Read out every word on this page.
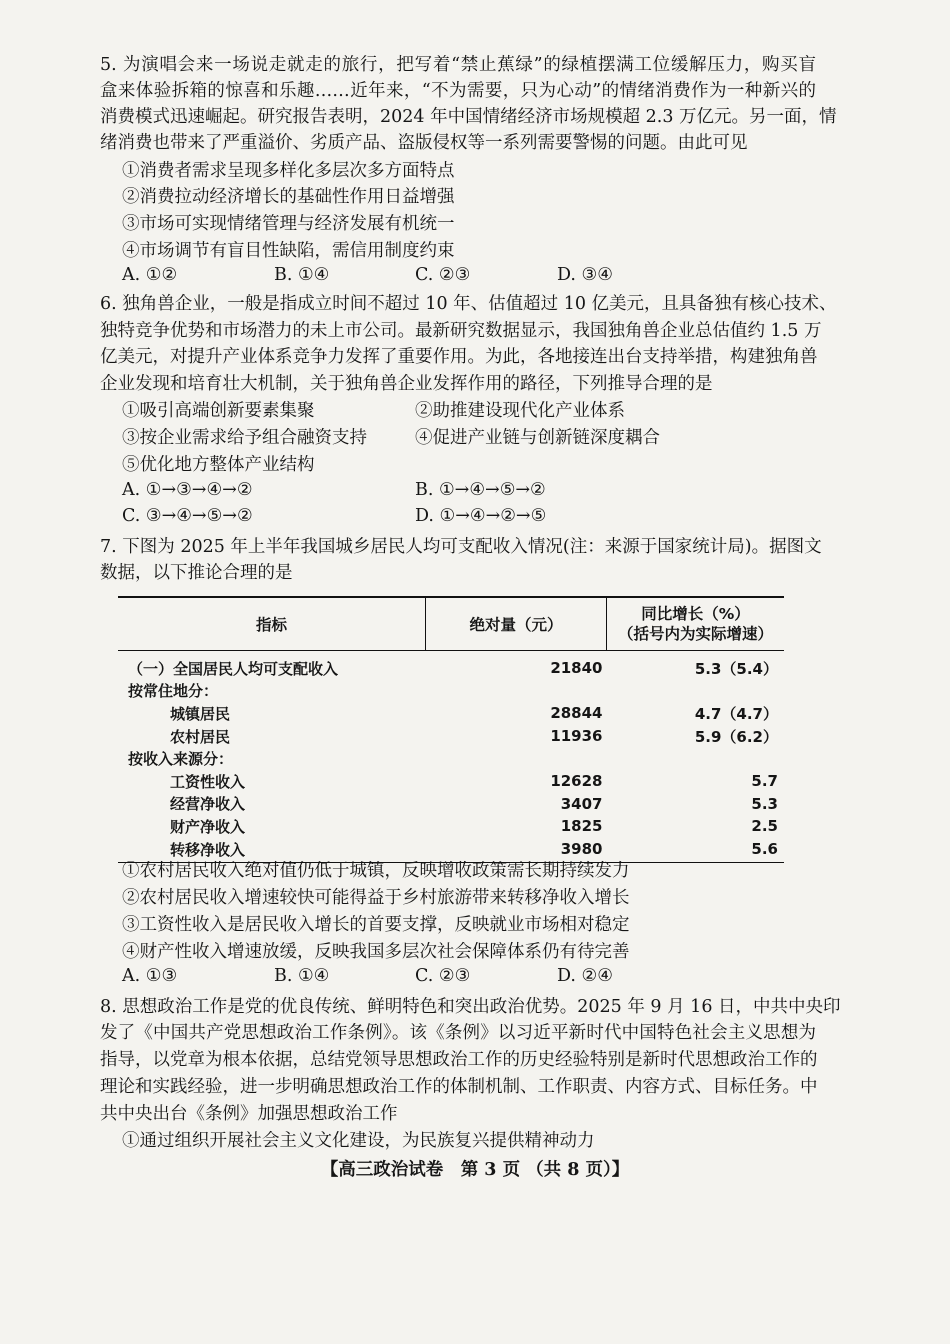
5. 为演唱会来一场说走就走的旅行，把写着“禁止蕉绿”的绿植摆满工位缓解压力，购买盲
盒来体验拆箱的惊喜和乐趣……近年来，“不为需要，只为心动”的情绪消费作为一种新兴的
消费模式迅速崛起。研究报告表明，2024 年中国情绪经济市场规模超 2.3 万亿元。另一面，情
绪消费也带来了严重溢价、劣质产品、盗版侵权等一系列需要警惕的问题。由此可见
①消费者需求呈现多样化多层次多方面特点
②消费拉动经济增长的基础性作用日益增强
③市场可实现情绪管理与经济发展有机统一
④市场调节有盲目性缺陷，需信用制度约束
A. ①②	B. ①④	C. ②③	D. ③④
6. 独角兽企业，一般是指成立时间不超过 10 年、估值超过 10 亿美元，且具备独有核心技术、
独特竞争优势和市场潜力的未上市公司。最新研究数据显示，我国独角兽企业总估值约 1.5 万
亿美元，对提升产业体系竞争力发挥了重要作用。为此，各地接连出台支持举措，构建独角兽
企业发现和培育壮大机制，关于独角兽企业发挥作用的路径，下列推导合理的是
①吸引高端创新要素集聚	②助推建设现代化产业体系
③按企业需求给予组合融资支持	④促进产业链与创新链深度耦合
⑤优化地方整体产业结构
A. ①→③→④→②	B. ①→④→⑤→②
C. ③→④→⑤→②	D. ①→④→②→⑤
7. 下图为 2025 年上半年我国城乡居民人均可支配收入情况(注：来源于国家统计局)。据图文
数据，以下推论合理的是
指标	绝对量（元）	同比增长（%）
（括号内为实际增速）

（一）全国居民人均可支配收入	21840	5.3（5.4）
按常住地分：		
城镇居民	28844	4.7（4.7）
农村居民	11936	5.9（6.2）
按收入来源分：		
工资性收入	12628	5.7
经营净收入	3407	5.3
财产净收入	1825	2.5
转移净收入	3980	5.6
①农村居民收入绝对值仍低于城镇，反映增收政策需长期持续发力
②农村居民收入增速较快可能得益于乡村旅游带来转移净收入增长
③工资性收入是居民收入增长的首要支撑，反映就业市场相对稳定
④财产性收入增速放缓，反映我国多层次社会保障体系仍有待完善
A. ①③	B. ①④	C. ②③	D. ②④
8. 思想政治工作是党的优良传统、鲜明特色和突出政治优势。2025 年 9 月 16 日，中共中央印
发了《中国共产党思想政治工作条例》。该《条例》以习近平新时代中国特色社会主义思想为
指导，以党章为根本依据，总结党领导思想政治工作的历史经验特别是新时代思想政治工作的
理论和实践经验，进一步明确思想政治工作的体制机制、工作职责、内容方式、目标任务。中
共中央出台《条例》加强思想政治工作
①通过组织开展社会主义文化建设，为民族复兴提供精神动力
【高三政治试卷　第 3 页 （共 8 页）】
